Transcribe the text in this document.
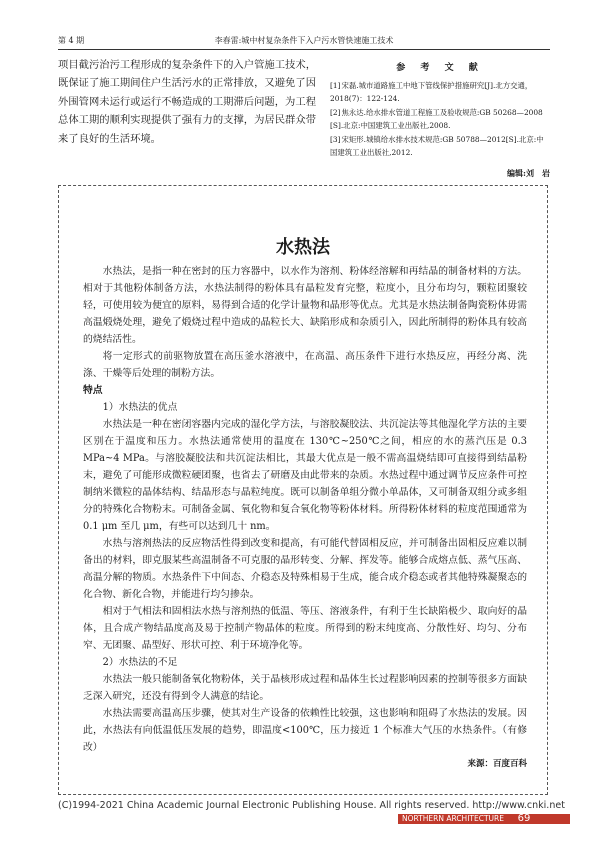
第 4 期	李春雷:城中村复杂条件下入户污水管快速施工技术
项目截污治污工程形成的复杂条件下的入户管施工技术，既保证了施工期间住户生活污水的正常排放，又避免了因外围管网未运行或运行不畅造成的工期滞后问题，为工程总体工期的顺利实现提供了强有力的支撑，为居民群众带来了良好的生活环境。
参 考 文 献

[1]宋磊.城市道路施工中地下管线保护措施研究[J].北方交通，2018(7)：122-124.

[2]焦永达.给水排水管道工程施工及验收规范:GB 50268—2008 [S].北京:中国建筑工业出版社,2008.

[3]宋矩形.城镇给水排水技术规范:GB 50788—2012[S].北京:中国建筑工业出版社,2012.

编辑:刘　岩
水热法

水热法，是指一种在密封的压力容器中，以水作为溶剂、粉体经溶解和再结晶的制备材料的方法。相对于其他粉体制备方法，水热法制得的粉体具有晶粒发育完整，粒度小，且分布均匀，颗粒团聚较轻，可使用较为便宜的原料，易得到合适的化学计量物和晶形等优点。尤其是水热法制备陶瓷粉体毋需高温煅烧处理，避免了煅烧过程中造成的晶粒长大、缺陷形成和杂质引入，因此所制得的粉体具有较高的烧结活性。

将一定形式的前驱物放置在高压釜水溶液中，在高温、高压条件下进行水热反应，再经分离、洗涤、干燥等后处理的制粉方法。

特点

1）水热法的优点

水热法是一种在密闭容器内完成的湿化学方法，与溶胶凝胶法、共沉淀法等其他湿化学方法的主要区别在于温度和压力。水热法通常使用的温度在 130℃~250℃之间，相应的水的蒸汽压是 0.3 MPa~4 MPa。与溶胶凝胶法和共沉淀法相比，其最大优点是一般不需高温烧结即可直接得到结晶粉末，避免了可能形成微粒硬团聚，也省去了研磨及由此带来的杂质。水热过程中通过调节反应条件可控制纳米微粒的晶体结构、结晶形态与晶粒纯度。既可以制备单组分微小单晶体，又可制备双组分或多组分的特殊化合物粉末。可制备金属、氧化物和复合氧化物等粉体材料。所得粉体材料的粒度范围通常为 0.1 μm 至几 μm，有些可以达到几十 nm。

水热与溶剂热法的反应物活性得到改变和提高，有可能代替固相反应，并可制备出固相反应难以制备出的材料，即克服某些高温制备不可克服的晶形转变、分解、挥发等。能够合成熔点低、蒸气压高、高温分解的物质。水热条件下中间态、介稳态及特殊相易于生成，能合成介稳态或者其他特殊凝聚态的化合物、新化合物，并能进行均匀掺杂。

相对于气相法和固相法水热与溶剂热的低温、等压、溶液条件，有利于生长缺陷极少、取向好的晶体，且合成产物结晶度高及易于控制产物晶体的粒度。所得到的粉末纯度高、分散性好、均匀、分布窄、无团聚、晶型好、形状可控、利于环境净化等。

2）水热法的不足

水热法一般只能制备氧化物粉体，关于晶核形成过程和晶体生长过程影响因素的控制等很多方面缺乏深入研究，还没有得到令人满意的结论。

水热法需要高温高压步骤，使其对生产设备的依赖性比较强，这也影响和阻碍了水热法的发展。因此，水热法有向低温低压发展的趋势，即温度<100℃，压力接近 1 个标准大气压的水热条件。（有修改）

来源：百度百科
(C)1994-2021 China Academic Journal Electronic Publishing House. All rights reserved. http://www.cnki.net
NORTHERN ARCHITECTURE	69
